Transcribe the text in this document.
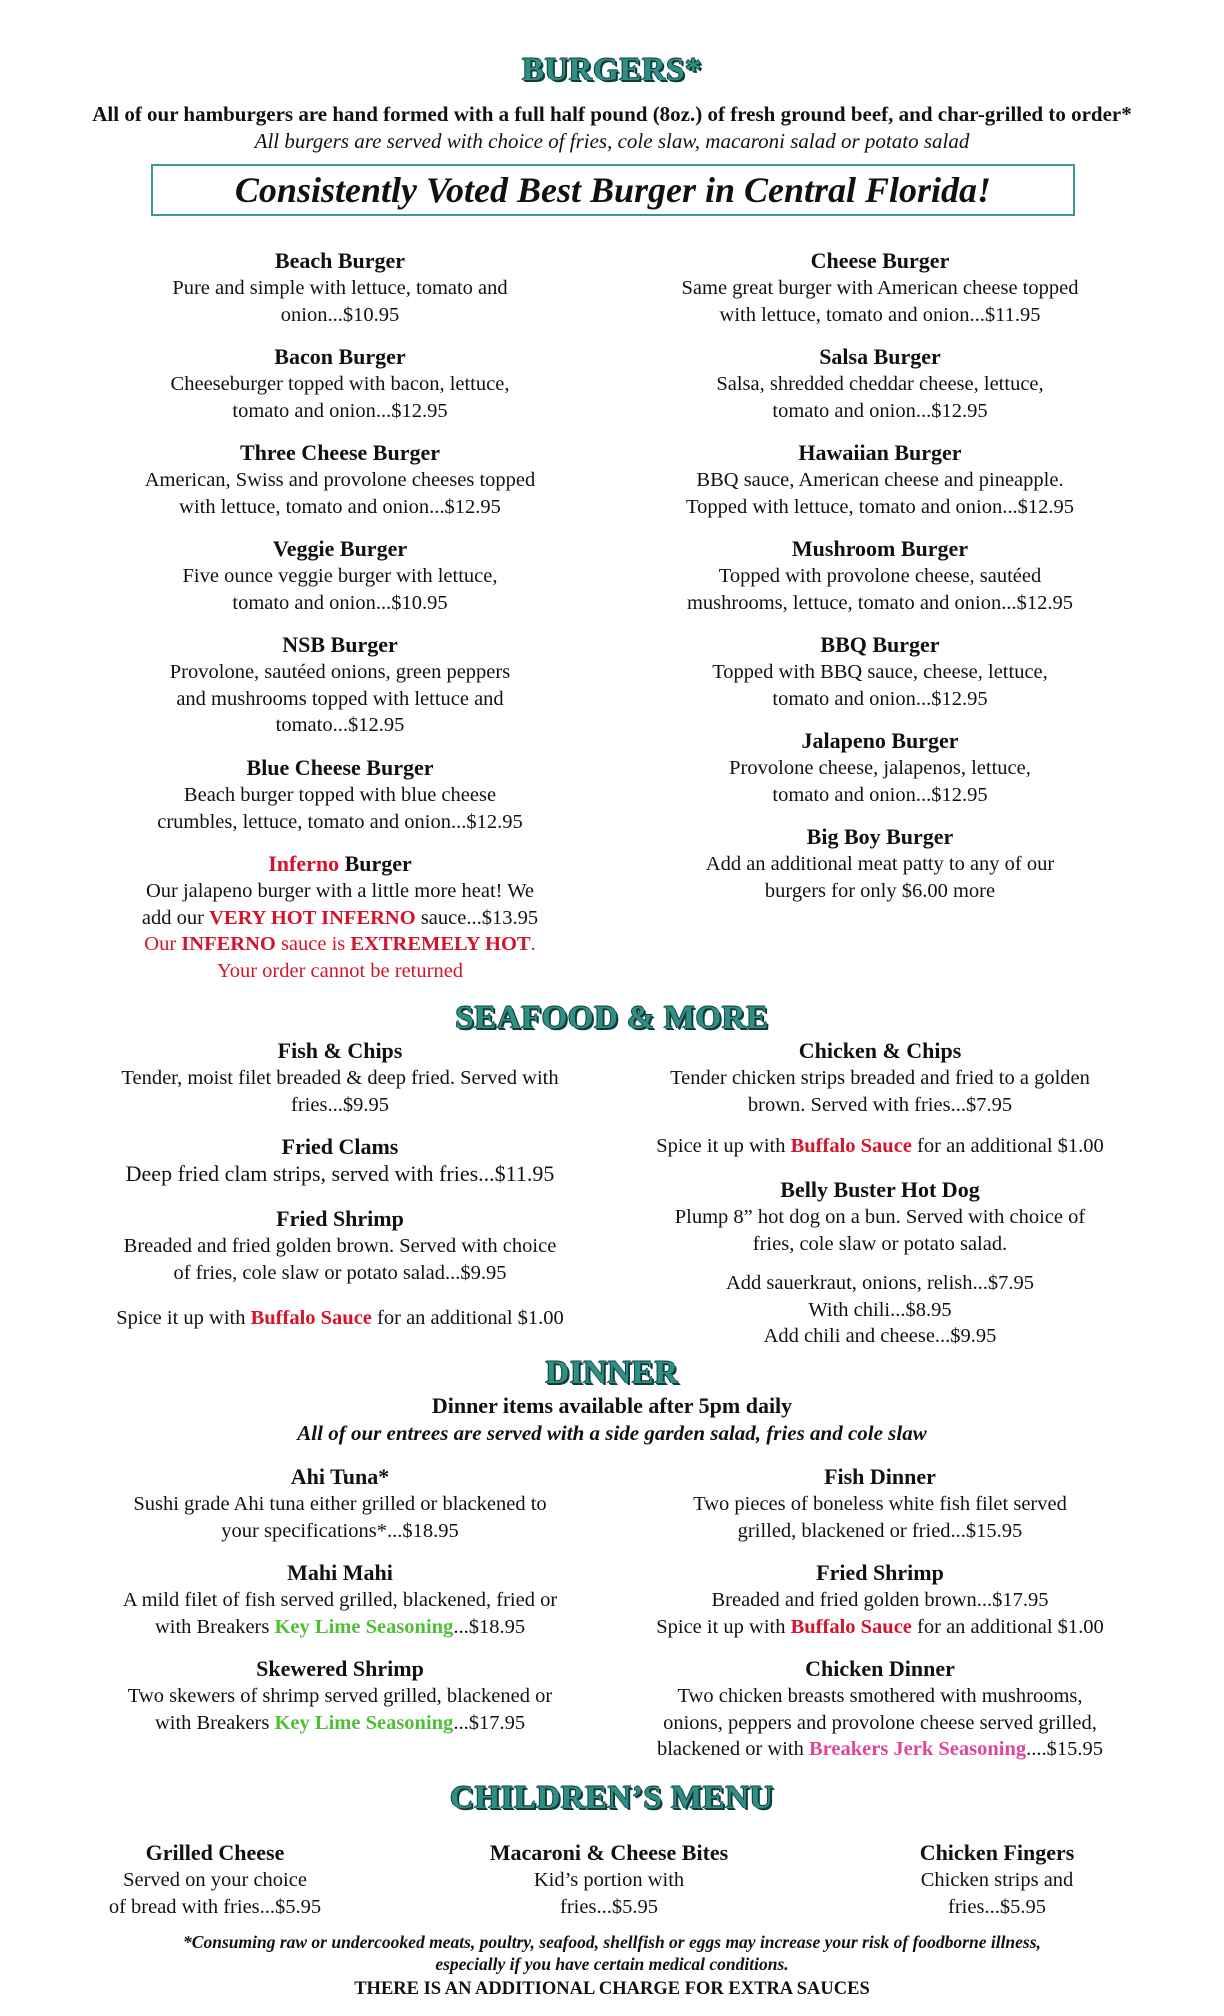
BURGERS*
All of our hamburgers are hand formed with a full half pound (8oz.) of fresh ground beef, and char-grilled to order*
All burgers are served with choice of fries, cole slaw, macaroni salad or potato salad
Consistently Voted Best Burger in Central Florida!
Beach Burger
Pure and simple with lettuce, tomato and
onion...$10.95
Bacon Burger
Cheeseburger topped with bacon, lettuce,
tomato and onion...$12.95
Three Cheese Burger
American, Swiss and provolone cheeses topped
with lettuce, tomato and onion...$12.95
Veggie Burger
Five ounce veggie burger with lettuce,
tomato and onion...$10.95
NSB Burger
Provolone, sautéed onions, green peppers
and mushrooms topped with lettuce and
tomato...$12.95
Blue Cheese Burger
Beach burger topped with blue cheese
crumbles, lettuce, tomato and onion...$12.95
Inferno Burger
Our jalapeno burger with a little more heat! We
add our VERY HOT INFERNO sauce...$13.95
Our INFERNO sauce is EXTREMELY HOT.
Your order cannot be returned
Cheese Burger
Same great burger with American cheese topped
with lettuce, tomato and onion...$11.95
Salsa Burger
Salsa, shredded cheddar cheese, lettuce,
tomato and onion...$12.95
Hawaiian Burger
BBQ sauce, American cheese and pineapple.
Topped with lettuce, tomato and onion...$12.95
Mushroom Burger
Topped with provolone cheese, sautéed
mushrooms, lettuce, tomato and onion...$12.95
BBQ Burger
Topped with BBQ sauce, cheese, lettuce,
tomato and onion...$12.95
Jalapeno Burger
Provolone cheese, jalapenos, lettuce,
tomato and onion...$12.95
Big Boy Burger
Add an additional meat patty to any of our
burgers for only $6.00 more
SEAFOOD & MORE
Fish & Chips
Tender, moist filet breaded & deep fried. Served with
fries...$9.95
Fried Clams
Deep fried clam strips, served with fries...$11.95
Fried Shrimp
Breaded and fried golden brown. Served with choice
of fries, cole slaw or potato salad...$9.95
Spice it up with Buffalo Sauce for an additional $1.00
Chicken & Chips
Tender chicken strips breaded and fried to a golden
brown. Served with fries...$7.95
Spice it up with Buffalo Sauce for an additional $1.00
Belly Buster Hot Dog
Plump 8” hot dog on a bun. Served with choice of
fries, cole slaw or potato salad.
Add sauerkraut, onions, relish...$7.95
With chili...$8.95
Add chili and cheese...$9.95
DINNER
Dinner items available after 5pm daily
All of our entrees are served with a side garden salad, fries and cole slaw
Ahi Tuna*
Sushi grade Ahi tuna either grilled or blackened to
your specifications*...$18.95
Mahi Mahi
A mild filet of fish served grilled, blackened, fried or
with Breakers Key Lime Seasoning...$18.95
Skewered Shrimp
Two skewers of shrimp served grilled, blackened or
with Breakers Key Lime Seasoning...$17.95
Fish Dinner
Two pieces of boneless white fish filet served
grilled, blackened or fried...$15.95
Fried Shrimp
Breaded and fried golden brown...$17.95
Spice it up with Buffalo Sauce for an additional $1.00
Chicken Dinner
Two chicken breasts smothered with mushrooms,
onions, peppers and provolone cheese served grilled,
blackened or with Breakers Jerk Seasoning....$15.95
CHILDREN’S MENU
Grilled Cheese
Served on your choice
of bread with fries...$5.95
Macaroni & Cheese Bites
Kid’s portion with
fries...$5.95
Chicken Fingers
Chicken strips and
fries...$5.95
*Consuming raw or undercooked meats, poultry, seafood, shellfish or eggs may increase your risk of foodborne illness,
especially if you have certain medical conditions.
THERE IS AN ADDITIONAL CHARGE FOR EXTRA SAUCES
